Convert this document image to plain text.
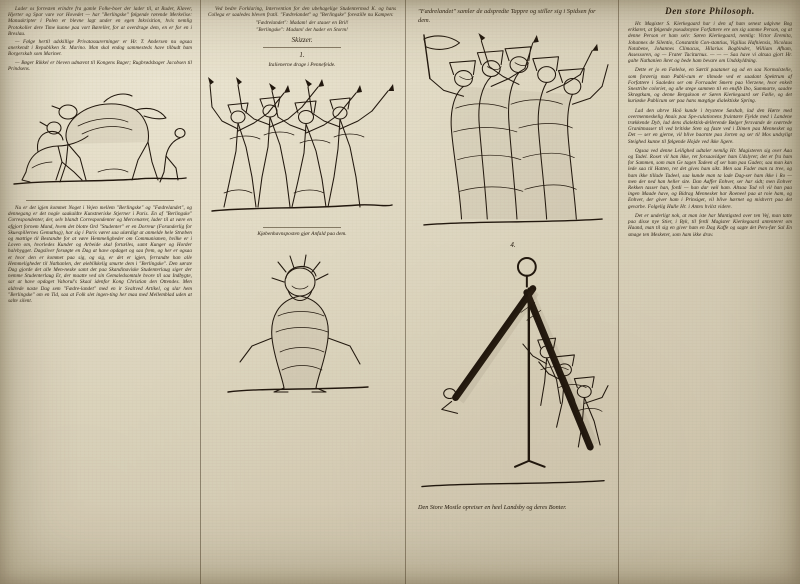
Lader os forresten erindre fra gamle Folke-boer der lader til, at Ruder, Kløver, Hjerter og Spar vare vor Hovedet — har "Berlingske" følgende rørende Merkelise: Manuskripter i Polen er blevne lagt under en egen Inkvisition, hvis nemlig Protokoller dere Time kunne paa vort Bæreller, for at overdrage dem, en er for en i Breslau.
— Følge hertil adskillige Privatassurerninger er Hr. T. Andersen nu ogsaa anerkendt i Republiken St. Marino. Man skal endog sammesteds have tilbudt ham Borgerskab som Mariner.
— Bøger Rikkel er bleven udnævnt til Kongens Bager; Rugbrødsbager Jacobsen til Prindsens.
Nu er det igjen kommet Noget i Vejen mellem "Berlingske" og "Fædrelandet", og dennegang er det nogle saakaldte Kunstneriske Stjerner i Paris. En af "Berlingske" Correspondenter, der, selv blandt Correspondenter og Mercenærer, lader til at være en afgjort fornem Mand, hvem det blotte Ord "Studenter" er en Dorreur (Forunderlig for Skuespillernes Gemuthsg), har sig i Paris været saa ulærdigt at anmelde hele Stræben og mættige til Bestandte for at være Hemmeligheder om Communismen, hvilke er i Loven om, hvorledes Kunder og Arbeide skal fortælles, samt Kunger og Horder halvbygget. Dagsliver forsøgte en Dag at have opdaget og saa frem, og her er ogsaa et hvor den er kommet paa sig, og sig, er det er igjen, ferrandte han alle Hemmeligheder til Nathanlen, der øieblikkelig smurte dem i "Berlingske". Den sørste Dag gjorde det alle Men-neske samt det paa Skandinaviske Studenterlaug siger der nemme Studenterlaug Er, der maatte ved sin Gemaledsomtale hvore til saa Indbygte, sar at have opdaget Vaborul's Skaal idenfor Kong Christian den Ottendes. Men aldrede naste Dag sem "Fædre-landet" med en ir Svaltved Artikel, og slar hem "Berlingske" om en Tid, saa at Folk slet ingen-ting her maa med Mellemblad uden at salte silent.
Ved bedre Forklaring, Intervention for den ubehagelige Studentermod K. og hans Collega er saaledes bleven fratil. "Fædrelandet" og "Berlingske" forestille nu Kampen:
"Fædrelandet": Madam! der staaer en Bril!
"Berlingske": Madam! det hader en Storm!
Skizzer.
1.
Italienerne drage i Pennefeide.
Kjøbenhavnsposten gjør Anfald paa dem.
"Fædrelandet" samler de adspredte Tappre og stiller sig i Spidsen for dem.
4.
Den Store Mostle opreiser en heel Landsby og deres Bonter.
Den store Philosoph.
Hr. Magister S. Kierkegaard har i den af ham senest udgivne Bog erklæret, at følgende pseudonyme Forfattere ere om sig samme Person, og at denne Person er ham selv: Søren Kierkegaard, nemlig: Victor Eremita, Johannes de Silentio, Constantin Con-stantius, Vigilius Hafniensis, Nicolaus Notabene, Johannes Climacus, Hilarius Bogbinder, William Afham, Assessoren, og — Frater Taciturnus. — — — Saa have vi altsaa gjort Hr. galte Nathanien ikret og bede ham bevare om Undskyldning.
Dette er jo en Fælelse, en Særtil paataner og od en saa Normalstelle, som forøvrig man Publi-cum er tilmode ved et saadant Spektrum af Forfattere i Saaledes ser om Forraadet Smern paa Vierzene, hvor enkelt Snestribe coloriet, og alle stege sammen til en ensfib Ibo, Summarte, saadre Skrøgtkam, og denne Bergskoon er Søren Kierkegaard ser Fælle, og det kuriøske Publicum ser paa hans mægtige dialektiske Spring.
Lad den ubrve Hoö kunde i brystene Sæshab, lad den Hørte med overmenneskelig Anais paa Spe-culationens fruintære Fjelde med i Landene trækkende Dyb, lad dens dialektisk-dellerende Bølger fersvande de sværtede Granitmasser til ved britiske Sten og faste ved i Dimen paa Mennesket og Det — ser en gjerne, vil blive baarnte paa Jorten og ser til Mos undsyligt Steighed kunne til følgende Hojde ved ikke ligere.
Ogsaa ved denne Leilighed udtaler nemlig Hr. Magisteren sig over Aaa og Tadel. Roset vil han ikke, ret forsaavidger ham Udslyret; det er fra ham for Sammen, som man Ge tagen Tadeen af ser ham paa Gaden; saa man kan lede saa til Hatten, ret det gives ham sikt. Men saa Fader man ta tree, og ham ikke tillade Tadeel, saa kunde man ta lade Dag-ser ham ikke i Ro — men der ned han heller site. Dan Aaffer Enhver, ser har sidt; men Enhver Rekken tasser han, fordi — han dar vøil ham. Altsaa Tad vil vil han paa ingen Maade have, og Bidrag Mennesket har Roeneel paa at roie ham, og Enhver, der giver ham i Prinsiget, vil blive hærnet og mishvrrt paa det gevarbe. Folgelig Hulle Hr. i Antex hvilst videre.
Det er underligt nok, at man iste har Mantigsted over ten Vej, man tatte paa disse nye Stier, i Byk, til ferdi Magister Kierkegaard antenteret om Haand, man til sig en giver ham en Dag Kaffe og sagte det Pers-fær Sal En smage ten Mesketer, som ham ikke drav.
